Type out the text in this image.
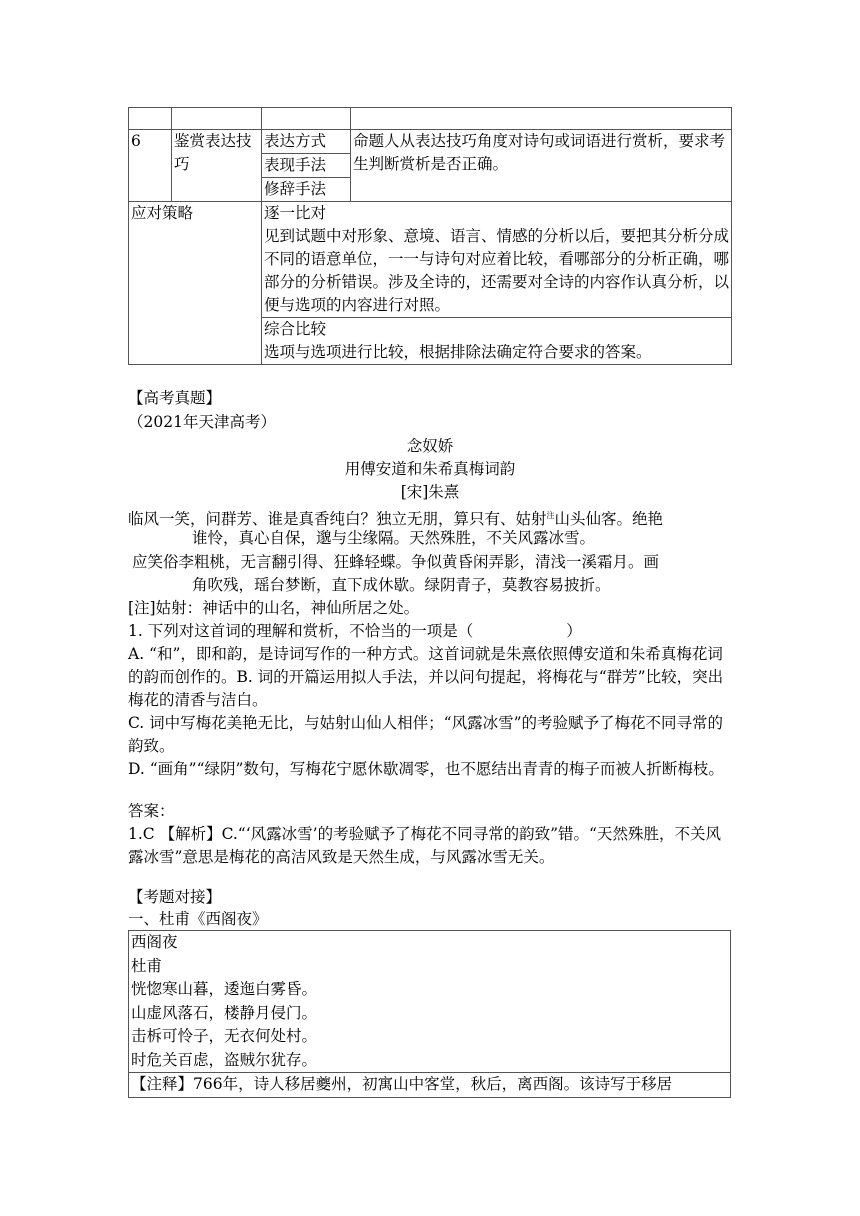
6	鉴赏表达技巧	表达方式
表现手法
修辞手法	命题人从表达技巧角度对诗句或词语进行赏析，要求考生判断赏析是否正确。
应对策略		逐一比对
见到试题中对形象、意境、语言、情感的分析以后，要把其分析分成不同的语意单位，一一与诗句对应着比较，看哪部分的分析正确，哪部分的分析错误。涉及全诗的，还需要对全诗的内容作认真分析，以便与选项的内容进行对照。	

		综合比较
选项与选项进行比较，根据排除法确定符合要求的答案。	
【高考真题】
（2021年天津高考）
念奴娇
用傅安道和朱希真梅词韵
[宋]朱熹
临风一笑，问群芳、谁是真香纯白？独立无朋，算只有、姑射$^注$山头仙客。绝艳
谁怜，真心自保，邈与尘缘隔。天然殊胜，不关风露冰雪。
应笑俗李粗桃，无言翻引得、狂蜂轻蝶。争似黄昏闲弄影，清浅一溪霜月。画
角吹残，瑶台梦断，直下成休歇。绿阴青子，莫教容易披折。
[注]姑射：神话中的山名，神仙所居之处。
1. 下列对这首词的理解和赏析，不恰当的一项是（　　　　　　）
A. “和”，即和韵，是诗词写作的一种方式。这首词就是朱熹依照傅安道和朱希真梅花词的韵而创作的。B. 词的开篇运用拟人手法，并以问句提起，将梅花与“群芳”比较，突出梅花的清香与洁白。
C. 词中写梅花美艳无比，与姑射山仙人相伴；“风露冰雪”的考验赋予了梅花不同寻常的韵致。
D. “画角”“绿阴”数句，写梅花宁愿休歇凋零，也不愿结出青青的梅子而被人折断梅枝。
答案：
1.C 【解析】C.“‘风露冰雪’的考验赋予了梅花不同寻常的韵致”错。“天然殊胜，不关风露冰雪”意思是梅花的高洁风致是天然生成，与风露冰雪无关。
【考题对接】
一、杜甫《西阁夜》
西阁夜
杜甫
恍惚寒山暮，逶迤白雾昏。
山虚风落石，楼静月侵门。
击柝可怜子，无衣何处村。
时危关百虑，盗贼尔犹存。
【注释】766年，诗人移居夔州，初寓山中客堂，秋后，离西阁。该诗写于移居
